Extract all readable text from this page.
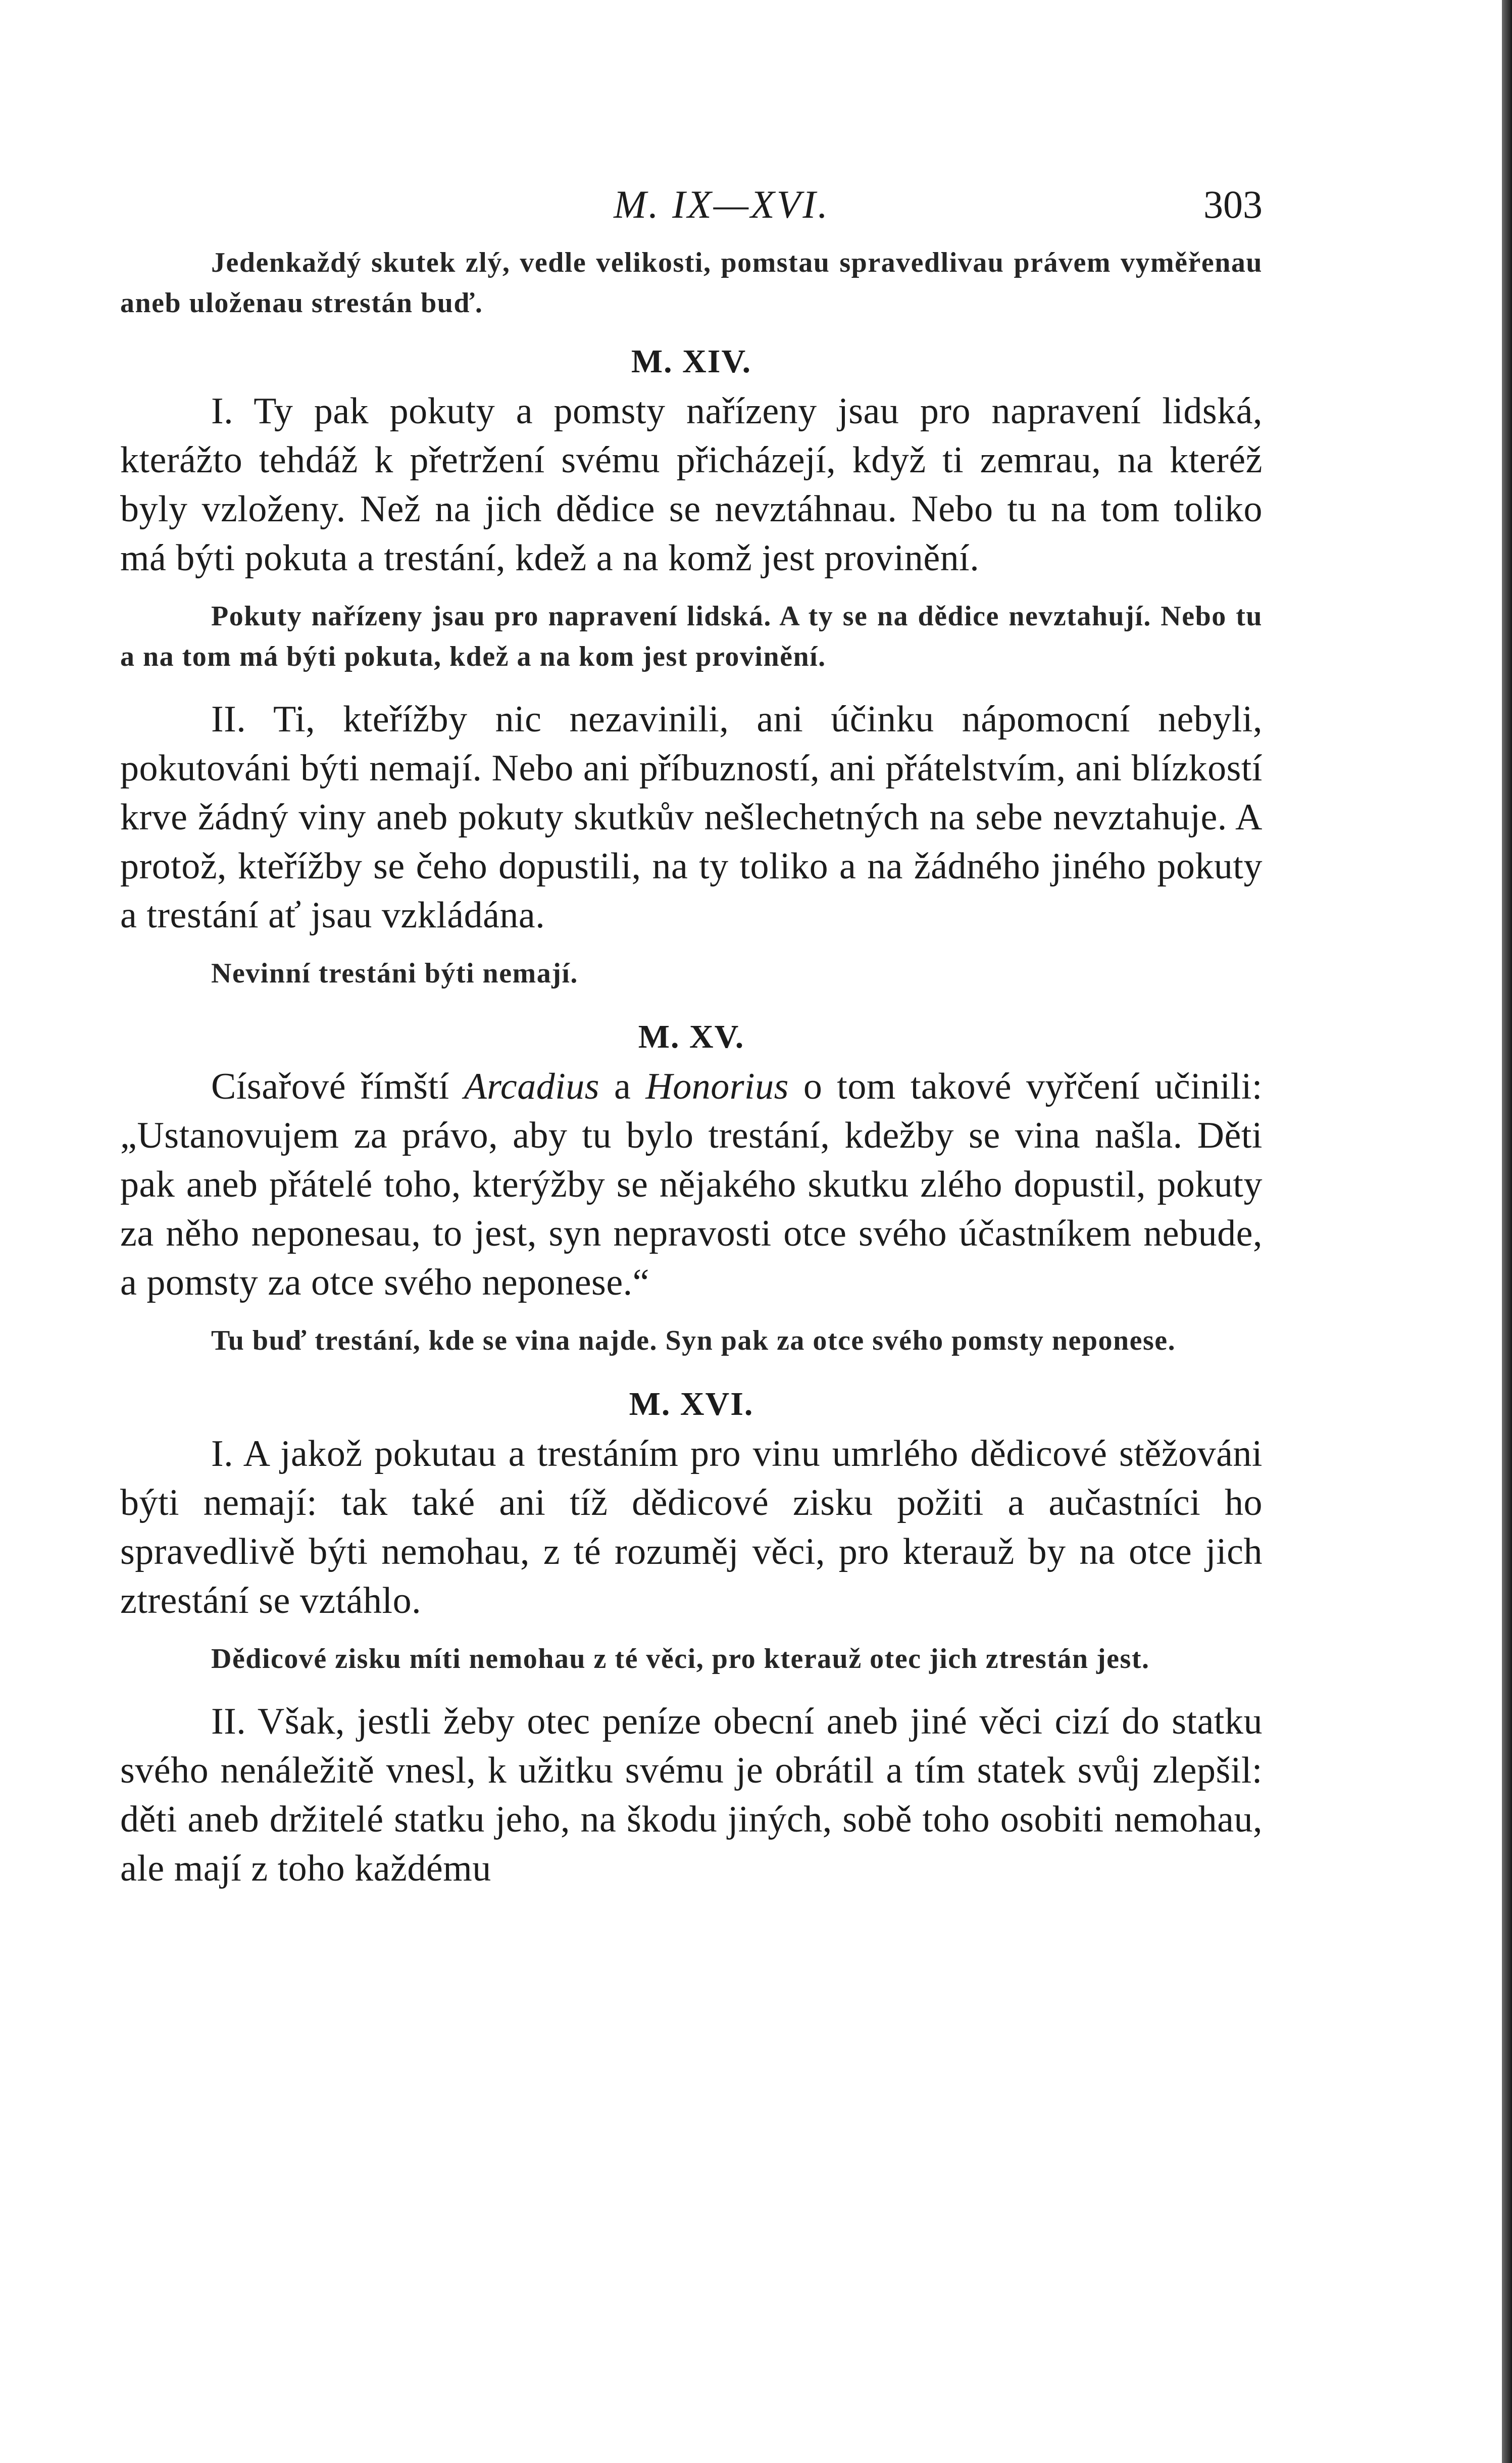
M. IX—XVI.	303

Jedenkaždý skutek zlý, vedle velikosti, pomstau spravedlivau právem vyměřenau aneb uloženau strestán buď.

M. XIV.

I. Ty pak pokuty a pomsty nařízeny jsau pro napravení lidská, kterážto tehdáž k přetržení svému přicházejí, když ti zemrau, na kteréž byly vzloženy. Než na jich dědice se nevztáhnau. Nebo tu na tom toliko má býti pokuta a trestání, kdež a na komž jest provinění.

Pokuty nařízeny jsau pro napravení lidská. A ty se na dědice nevztahují. Nebo tu a na tom má býti pokuta, kdež a na kom jest provinění.

II. Ti, kteřížby nic nezavinili, ani účinku nápomocní nebyli, pokutováni býti nemají. Nebo ani příbuzností, ani přátelstvím, ani blízkostí krve žádný viny aneb pokuty skutkův nešlechetných na sebe nevztahuje. A protož, kteřížby se čeho dopustili, na ty toliko a na žádného jiného pokuty a trestání ať jsau vzkládána.

Nevinní trestáni býti nemají.

M. XV.

Císařové římští Arcadius a Honorius o tom takové vyřčení učinili: „Ustanovujem za právo, aby tu bylo trestání, kdežby se vina našla. Děti pak aneb přátelé toho, kterýžby se nějakého skutku zlého dopustil, pokuty za něho neponesau, to jest, syn nepravosti otce svého účastníkem nebude, a pomsty za otce svého neponese.“

Tu buď trestání, kde se vina najde. Syn pak za otce svého pomsty neponese.

M. XVI.

I. A jakož pokutau a trestáním pro vinu umrlého dědicové stěžováni býti nemají: tak také ani tíž dědicové zisku požiti a aučastníci ho spravedlivě býti nemohau, z té rozuměj věci, pro kterauž by na otce jich ztrestání se vztáhlo.

Dědicové zisku míti nemohau z té věci, pro kterauž otec jich ztrestán jest.

II. Však, jestli žeby otec peníze obecní aneb jiné věci cizí do statku svého nenáležitě vnesl, k užitku svému je obrátil a tím statek svůj zlepšil: děti aneb držitelé statku jeho, na škodu jiných, sobě toho osobiti nemohau, ale mají z toho každému
